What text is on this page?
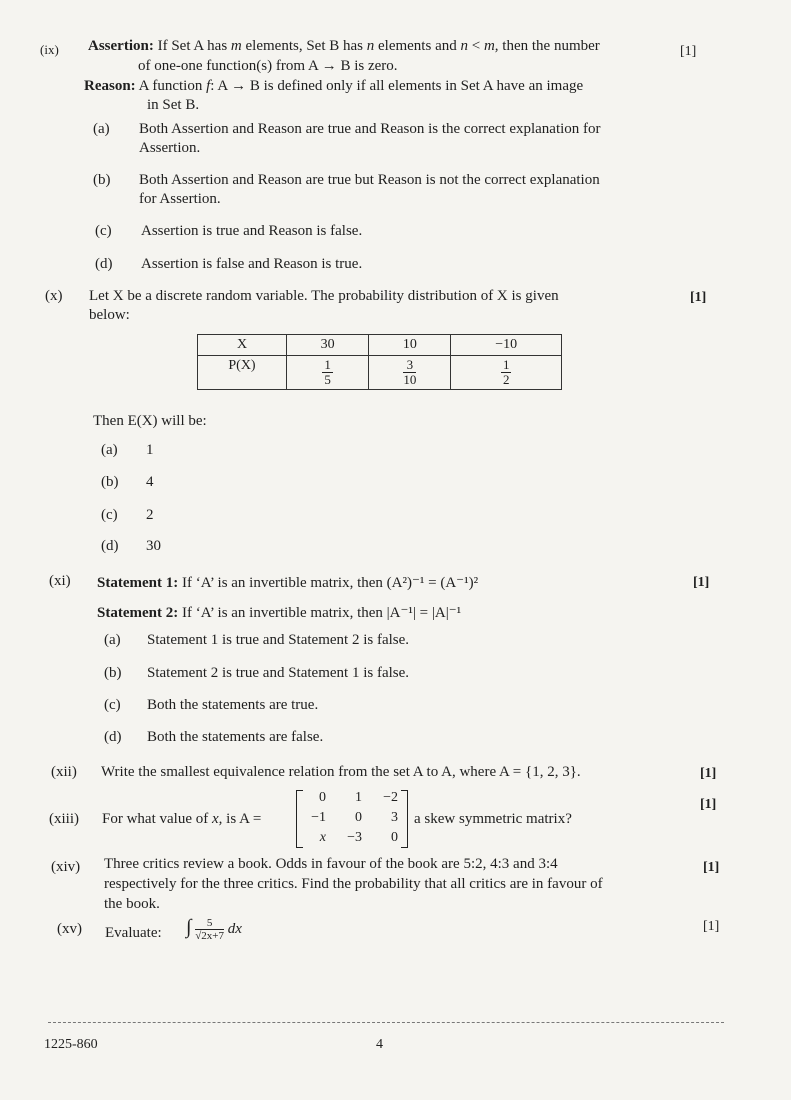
(ix) Assertion: If Set A has m elements, Set B has n elements and n < m, then the number
of one-one function(s) from A → B is zero.
[1]
Reason: A function f: A → B is defined only if all elements in Set A have an image
in Set B.
(a) Both Assertion and Reason are true and Reason is the correct explanation for
Assertion.
(b) Both Assertion and Reason are true but Reason is not the correct explanation
for Assertion.
(c) Assertion is true and Reason is false.
(d) Assertion is false and Reason is true.
(x) Let X be a discrete random variable. The probability distribution of X is given
below:
[1]
X	30	10	−10
P(X)	$\frac{1}{5}$	$\frac{3}{10}$	$\frac{1}{2}$
Then E(X) will be:
(a) 1
(b) 4
(c) 2
(d) 30
(xi) Statement 1: If ‘A’ is an invertible matrix, then (A²)⁻¹ = (A⁻¹)²	[1]
Statement 2: If ‘A’ is an invertible matrix, then |A⁻¹| = |A|⁻¹
(a) Statement 1 is true and Statement 2 is false.
(b) Statement 2 is true and Statement 1 is false.
(c) Both the statements are true.
(d) Both the statements are false.
(xii) Write the smallest equivalence relation from the set A to A, where A = {1, 2, 3}.	[1]
(xiii) For what value of x, is A =
0	1	−2
−1	0	3
x	−3	0
a skew symmetric matrix?
[1]
(xiv) Three critics review a book. Odds in favour of the book are 5:2, 4:3 and 3:4
respectively for the three critics. Find the probability that all critics are in favour of
the book.
[1]
(xv) Evaluate: ∫ $\frac{5}{√2x+7}$ dx	[1]
1225-860	4
